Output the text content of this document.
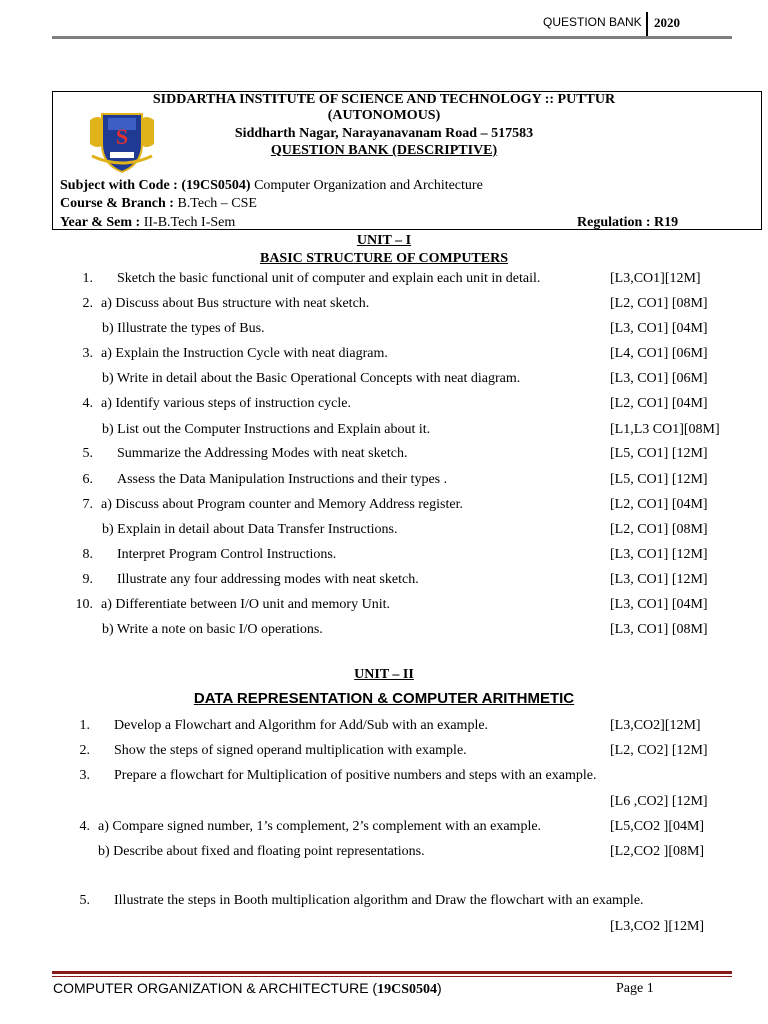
QUESTION BANK 2020
S
SIDDARTHA INSTITUTE OF SCIENCE AND TECHNOLOGY :: PUTTUR
(AUTONOMOUS)
Siddharth Nagar, Narayanavanam Road – 517583
QUESTION BANK (DESCRIPTIVE)
Subject with Code : (19CS0504) Computer Organization and Architecture
Course & Branch : B.Tech – CSE
Year & Sem : II-B.Tech I-Sem	Regulation : R19
UNIT – I
BASIC STRUCTURE OF COMPUTERS
1. Sketch the basic functional unit of computer and explain each unit in detail.	[L3,CO1][12M]
2. a) Discuss about Bus structure with neat sketch.	[L2, CO1] [08M]
b) Illustrate the types of Bus.	[L3, CO1] [04M]
3. a) Explain the Instruction Cycle with neat diagram.	[L4, CO1] [06M]
b) Write in detail about the Basic Operational Concepts with neat diagram.	[L3, CO1] [06M]
4. a) Identify various steps of instruction cycle.	[L2, CO1] [04M]
b) List out the Computer Instructions and Explain about it.	[L1,L3 CO1][08M]
5. Summarize the Addressing Modes with neat sketch.	[L5, CO1] [12M]
6. Assess the Data Manipulation Instructions and their types .	[L5, CO1] [12M]
7. a) Discuss about Program counter and Memory Address register.	[L2, CO1] [04M]
b) Explain in detail about Data Transfer Instructions.	[L2, CO1] [08M]
8. Interpret Program Control Instructions.	[L3, CO1] [12M]
9. Illustrate any four addressing modes with neat sketch.	[L3, CO1] [12M]
10. a) Differentiate between I/O unit and memory Unit.	[L3, CO1] [04M]
b) Write a note on basic I/O operations.	[L3, CO1] [08M]
UNIT – II
DATA REPRESENTATION & COMPUTER ARITHMETIC
1. Develop a Flowchart and Algorithm for Add/Sub with an example.	[L3,CO2][12M]
2. Show the steps of signed operand multiplication with example.	[L2, CO2] [12M]
3. Prepare a flowchart for Multiplication of positive numbers and steps with an example.
[L6 ,CO2] [12M]
4. a) Compare signed number, 1’s complement, 2’s complement with an example.	[L5,CO2 ][04M]
b) Describe about fixed and floating point representations.	[L2,CO2 ][08M]
5. Illustrate the steps in Booth multiplication algorithm and Draw the flowchart with an example.
[L3,CO2 ][12M]
COMPUTER ORGANIZATION & ARCHITECTURE (19CS0504)	Page 1
